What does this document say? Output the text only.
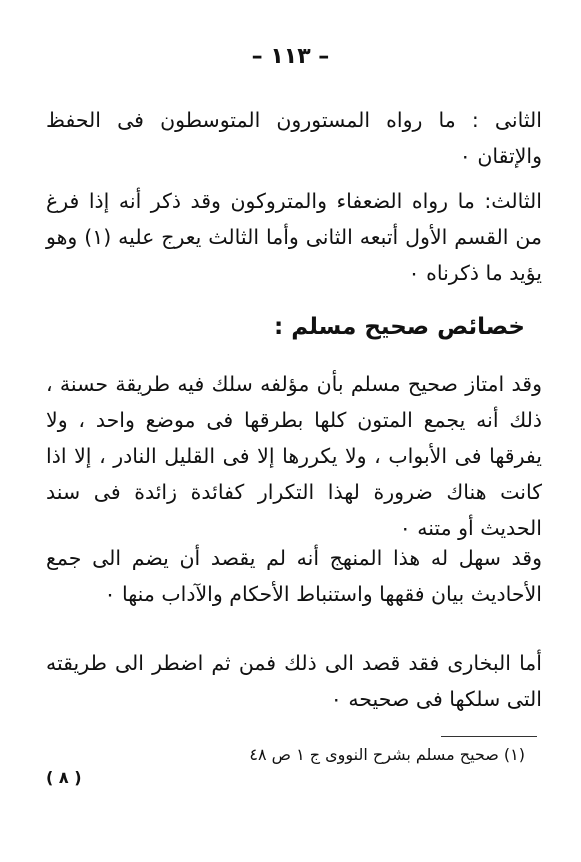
– ١١٣ –

الثانى : ما رواه المستورون المتوسطون فى الحفظ والإتقان ٠

الثالث: ما رواه الضعفاء والمتروكون وقد ذكر أنه إذا فرغ من القسم الأول أتبعه الثانى وأما الثالث يعرج عليه (١) وهو يؤيد ما ذكرناه ٠

خصائص صحيح مسلم :

وقد امتاز صحيح مسلم بأن مؤلفه سلك فيه طريقة حسنة ، ذلك أنه يجمع المتون كلها بطرقها فى موضع واحد ، ولا يفرقها فى الأبواب ، ولا يكررها إلا فى القليل النادر ، إلا اذا كانت هناك ضرورة لهذا التكرار كفائدة زائدة فى سند الحديث أو متنه ٠

وقد سهل له هذا المنهج أنه لم يقصد أن يضم الى جمع الأحاديث بيان فقهها واستنباط الأحكام والآداب منها ٠

أما البخارى فقد قصد الى ذلك فمن ثم اضطر الى طريقته التى سلكها فى صحيحه ٠

(١) صحيح مسلم بشرح النووى ج ١ ص ٤٨
( ٨ )
